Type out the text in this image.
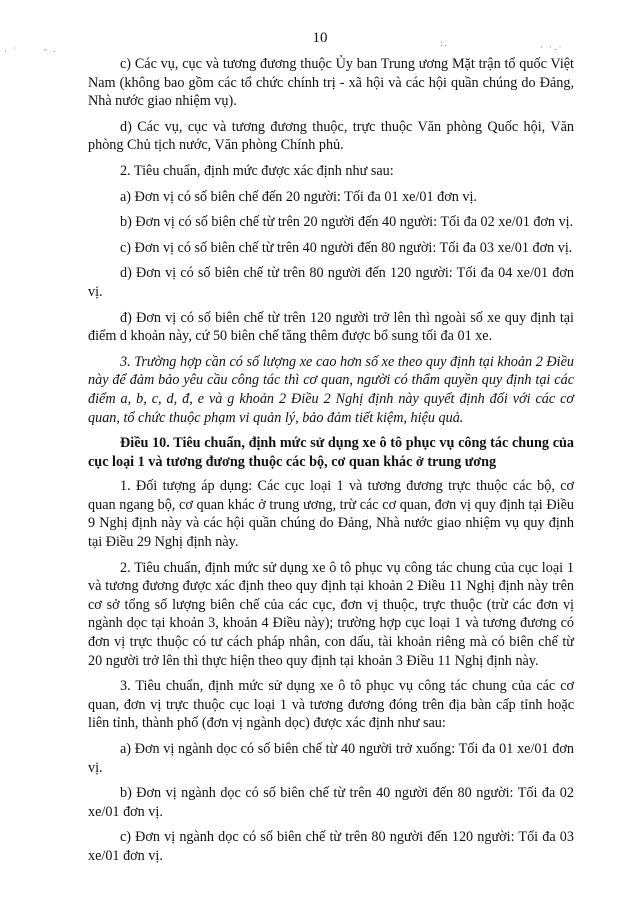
10
· ˙	- .
:.	· ·.·

c) Các vụ, cục và tương đương thuộc Ủy ban Trung ương Mặt trận tổ quốc Việt Nam (không bao gồm các tổ chức chính trị - xã hội và các hội quần chúng do Đảng, Nhà nước giao nhiệm vụ).

d) Các vụ, cục và tương đương thuộc, trực thuộc Văn phòng Quốc hội, Văn phòng Chủ tịch nước, Văn phòng Chính phủ.

2. Tiêu chuẩn, định mức được xác định như sau:

a) Đơn vị có số biên chế đến 20 người: Tối đa 01 xe/01 đơn vị.

b) Đơn vị có số biên chế từ trên 20 người đến 40 người: Tối đa 02 xe/01 đơn vị.

c) Đơn vị có số biên chế từ trên 40 người đến 80 người: Tối đa 03 xe/01 đơn vị.

d) Đơn vị có số biên chế từ trên 80 người đến 120 người: Tối đa 04 xe/01 đơn vị.

đ) Đơn vị có số biên chế từ trên 120 người trở lên thì ngoài số xe quy định tại điểm d khoản này, cứ 50 biên chế tăng thêm được bổ sung tối đa 01 xe.

3. Trường hợp cần có số lượng xe cao hơn số xe theo quy định tại khoản 2 Điều này để đảm bảo yêu cầu công tác thì cơ quan, người có thẩm quyền quy định tại các điểm a, b, c, d, đ, e và g khoản 2 Điều 2 Nghị định này quyết định đối với các cơ quan, tổ chức thuộc phạm vi quản lý, bảo đảm tiết kiệm, hiệu quả.

Điều 10. Tiêu chuẩn, định mức sử dụng xe ô tô phục vụ công tác chung của cục loại 1 và tương đương thuộc các bộ, cơ quan khác ở trung ương

1. Đối tượng áp dụng: Các cục loại 1 và tương đương trực thuộc các bộ, cơ quan ngang bộ, cơ quan khác ở trung ương, trừ các cơ quan, đơn vị quy định tại Điều 9 Nghị định này và các hội quần chúng do Đảng, Nhà nước giao nhiệm vụ quy định tại Điều 29 Nghị định này.

2. Tiêu chuẩn, định mức sử dụng xe ô tô phục vụ công tác chung của cục loại 1 và tương đương được xác định theo quy định tại khoản 2 Điều 11 Nghị định này trên cơ sở tổng số lượng biên chế của các cục, đơn vị thuộc, trực thuộc (trừ các đơn vị ngành dọc tại khoản 3, khoản 4 Điều này); trường hợp cục loại 1 và tương đương có đơn vị trực thuộc có tư cách pháp nhân, con dấu, tài khoản riêng mà có biên chế từ 20 người trở lên thì thực hiện theo quy định tại khoản 3 Điều 11 Nghị định này.

3. Tiêu chuẩn, định mức sử dụng xe ô tô phục vụ công tác chung của các cơ quan, đơn vị trực thuộc cục loại 1 và tương đương đóng trên địa bàn cấp tỉnh hoặc liên tỉnh, thành phố (đơn vị ngành dọc) được xác định như sau:

a) Đơn vị ngành dọc có số biên chế từ 40 người trở xuống: Tối đa 01 xe/01 đơn vị.

b) Đơn vị ngành dọc có số biên chế từ trên 40 người đến 80 người: Tối đa 02 xe/01 đơn vị.

c) Đơn vị ngành dọc có số biên chế từ trên 80 người đến 120 người: Tối đa 03 xe/01 đơn vị.
